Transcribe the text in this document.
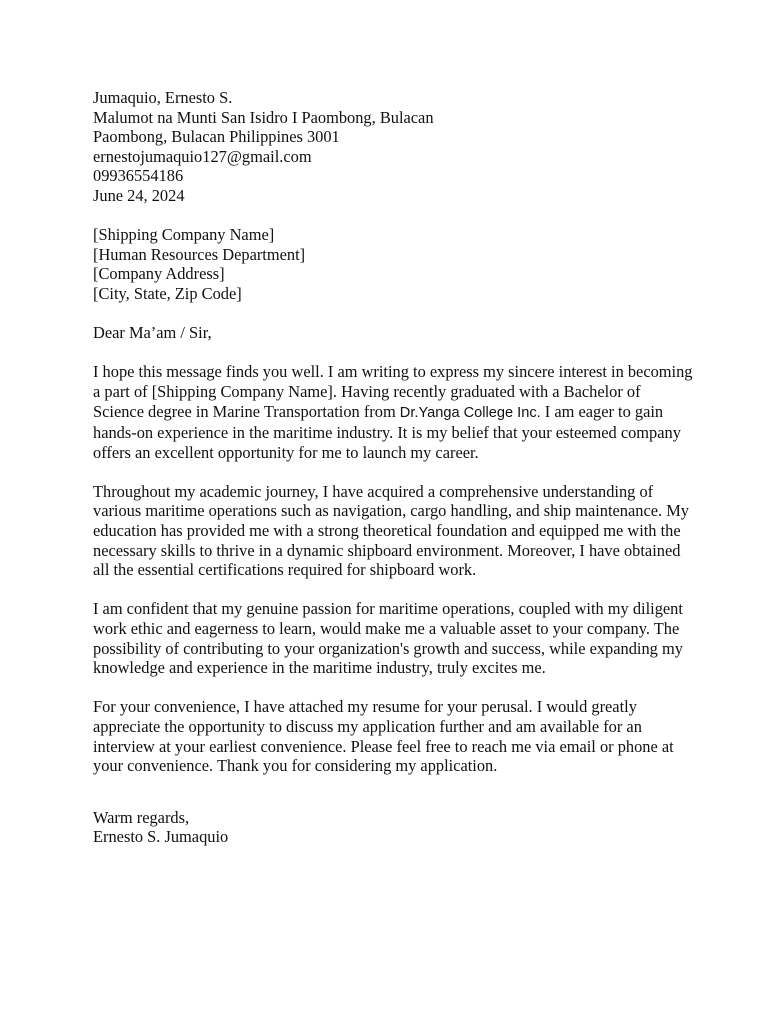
Jumaquio, Ernesto S.
Malumot na Munti San Isidro I Paombong, Bulacan
Paombong, Bulacan Philippines 3001
ernestojumaquio127@gmail.com
09936554186
June 24, 2024
[Shipping Company Name]
[Human Resources Department]
[Company Address]
[City, State, Zip Code]

Dear Ma’am / Sir,

I hope this message finds you well. I am writing to express my sincere interest in becoming a part of [Shipping Company Name]. Having recently graduated with a Bachelor of Science degree in Marine Transportation from Dr.Yanga College Inc. I am eager to gain hands-on experience in the maritime industry. It is my belief that your esteemed company offers an excellent opportunity for me to launch my career.

Throughout my academic journey, I have acquired a comprehensive understanding of various maritime operations such as navigation, cargo handling, and ship maintenance. My education has provided me with a strong theoretical foundation and equipped me with the necessary skills to thrive in a dynamic shipboard environment. Moreover, I have obtained all the essential certifications required for shipboard work.

I am confident that my genuine passion for maritime operations, coupled with my diligent work ethic and eagerness to learn, would make me a valuable asset to your company. The possibility of contributing to your organization's growth and success, while expanding my knowledge and experience in the maritime industry, truly excites me.

For your convenience, I have attached my resume for your perusal. I would greatly appreciate the opportunity to discuss my application further and am available for an interview at your earliest convenience. Please feel free to reach me via email or phone at your convenience. Thank you for considering my application.

Warm regards,
Ernesto S. Jumaquio
